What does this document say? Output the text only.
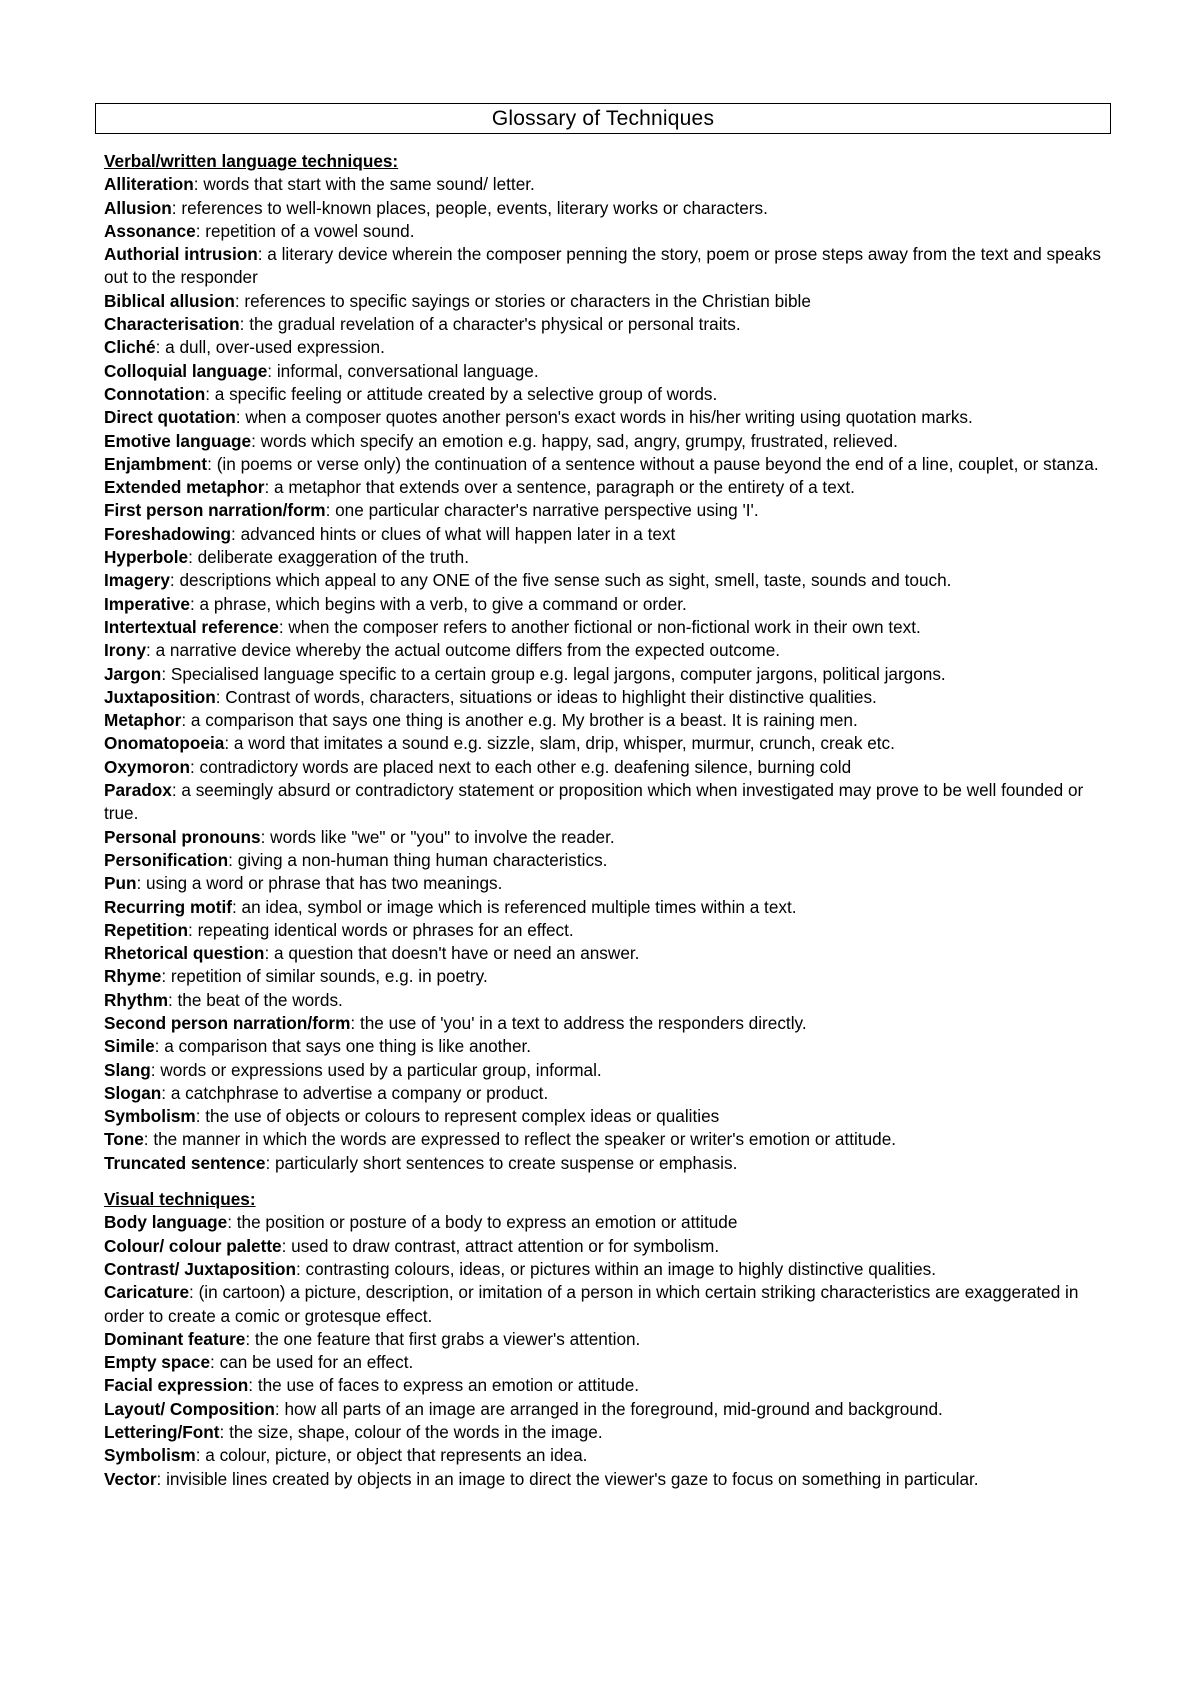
Glossary of Techniques

Verbal/written language techniques:

Alliteration: words that start with the same sound/ letter.

Allusion: references to well-known places, people, events, literary works or characters.

Assonance: repetition of a vowel sound.

Authorial intrusion: a literary device wherein the composer penning the story, poem or prose steps away from the text and speaks out to the responder

Biblical allusion: references to specific sayings or stories or characters in the Christian bible

Characterisation: the gradual revelation of a character's physical or personal traits.

Cliché: a dull, over-used expression.

Colloquial language: informal, conversational language.

Connotation: a specific feeling or attitude created by a selective group of words.

Direct quotation: when a composer quotes another person's exact words in his/her writing using quotation marks.

Emotive language: words which specify an emotion e.g. happy, sad, angry, grumpy, frustrated, relieved.

Enjambment: (in poems or verse only) the continuation of a sentence without a pause beyond the end of a line, couplet, or stanza.

Extended metaphor: a metaphor that extends over a sentence, paragraph or the entirety of a text.

First person narration/form: one particular character's narrative perspective using 'I'.

Foreshadowing: advanced hints or clues of what will happen later in a text

Hyperbole: deliberate exaggeration of the truth.

Imagery: descriptions which appeal to any ONE of the five sense such as sight, smell, taste, sounds and touch.

Imperative: a phrase, which begins with a verb, to give a command or order.

Intertextual reference: when the composer refers to another fictional or non-fictional work in their own text.

Irony: a narrative device whereby the actual outcome differs from the expected outcome.

Jargon: Specialised language specific to a certain group e.g. legal jargons, computer jargons, political jargons.

Juxtaposition: Contrast of words, characters, situations or ideas to highlight their distinctive qualities.

Metaphor: a comparison that says one thing is another e.g. My brother is a beast. It is raining men.

Onomatopoeia: a word that imitates a sound e.g. sizzle, slam, drip, whisper, murmur, crunch, creak etc.

Oxymoron: contradictory words are placed next to each other e.g. deafening silence, burning cold

Paradox: a seemingly absurd or contradictory statement or proposition which when investigated may prove to be well founded or true.

Personal pronouns: words like "we" or "you" to involve the reader.

Personification: giving a non-human thing human characteristics.

Pun: using a word or phrase that has two meanings.

Recurring motif: an idea, symbol or image which is referenced multiple times within a text.

Repetition: repeating identical words or phrases for an effect.

Rhetorical question: a question that doesn't have or need an answer.

Rhyme: repetition of similar sounds, e.g. in poetry.

Rhythm: the beat of the words.

Second person narration/form: the use of 'you' in a text to address the responders directly.

Simile: a comparison that says one thing is like another.

Slang: words or expressions used by a particular group, informal.

Slogan: a catchphrase to advertise a company or product.

Symbolism: the use of objects or colours to represent complex ideas or qualities

Tone: the manner in which the words are expressed to reflect the speaker or writer's emotion or attitude.

Truncated sentence: particularly short sentences to create suspense or emphasis.

Visual techniques:

Body language: the position or posture of a body to express an emotion or attitude

Colour/ colour palette: used to draw contrast, attract attention or for symbolism.

Contrast/ Juxtaposition: contrasting colours, ideas, or pictures within an image to highly distinctive qualities.

Caricature: (in cartoon) a picture, description, or imitation of a person in which certain striking characteristics are exaggerated in order to create a comic or grotesque effect.

Dominant feature: the one feature that first grabs a viewer's attention.

Empty space: can be used for an effect.

Facial expression: the use of faces to express an emotion or attitude.

Layout/ Composition: how all parts of an image are arranged in the foreground, mid-ground and background.

Lettering/Font: the size, shape, colour of the words in the image.

Symbolism: a colour, picture, or object that represents an idea.

Vector: invisible lines created by objects in an image to direct the viewer's gaze to focus on something in particular.
